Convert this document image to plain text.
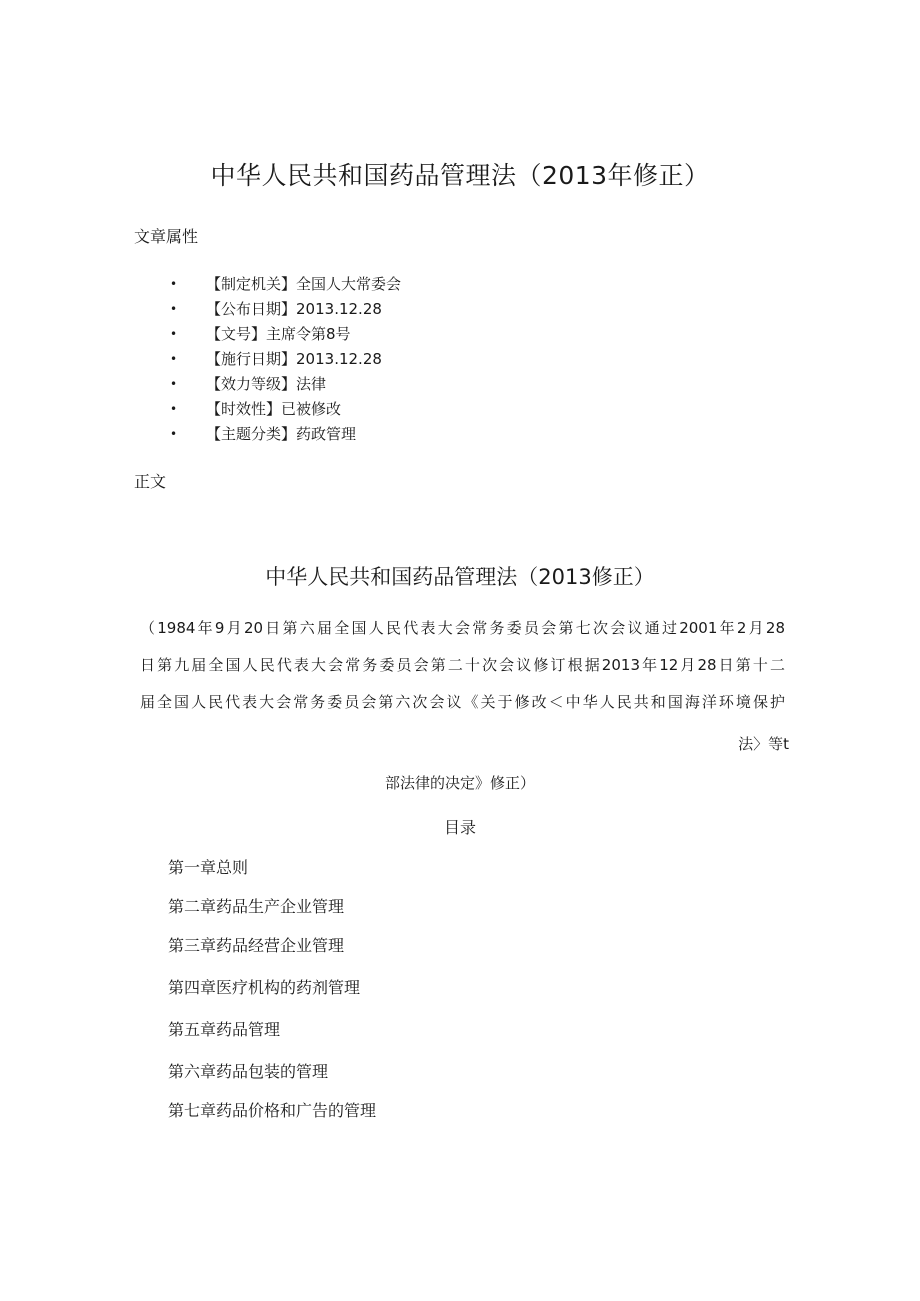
中华人民共和国药品管理法（2013年修正）
文章属性
•	【制定机关】 全国人大常委会
•	【公布日期】 2013.12.28
•	【文号】 主席令第8号
•	【施行日期】 2013.12.28
•	【效力等级】 法律
•	【时效性】 已被修改
•	【主题分类】 药政管理
正文
中华人民共和国药品管理法（2013修正）
（1984年9月20日第六届全国人民代表大会常务委员会第七次会议通过2001年2月28
日第九届全国人民代表大会常务委员会第二十次会议修订根据2013年12月28日第十二
届全国人民代表大会常务委员会第六次会议《关于修改＜中华人民共和国海洋环境保护
法〉等t
部法律的决定》修正）
目录
第一章总则
第二章药品生产企业管理
第三章药品经营企业管理
第四章医疗机构的药剂管理
第五章药品管理
第六章药品包装的管理
第七章药品价格和广告的管理
